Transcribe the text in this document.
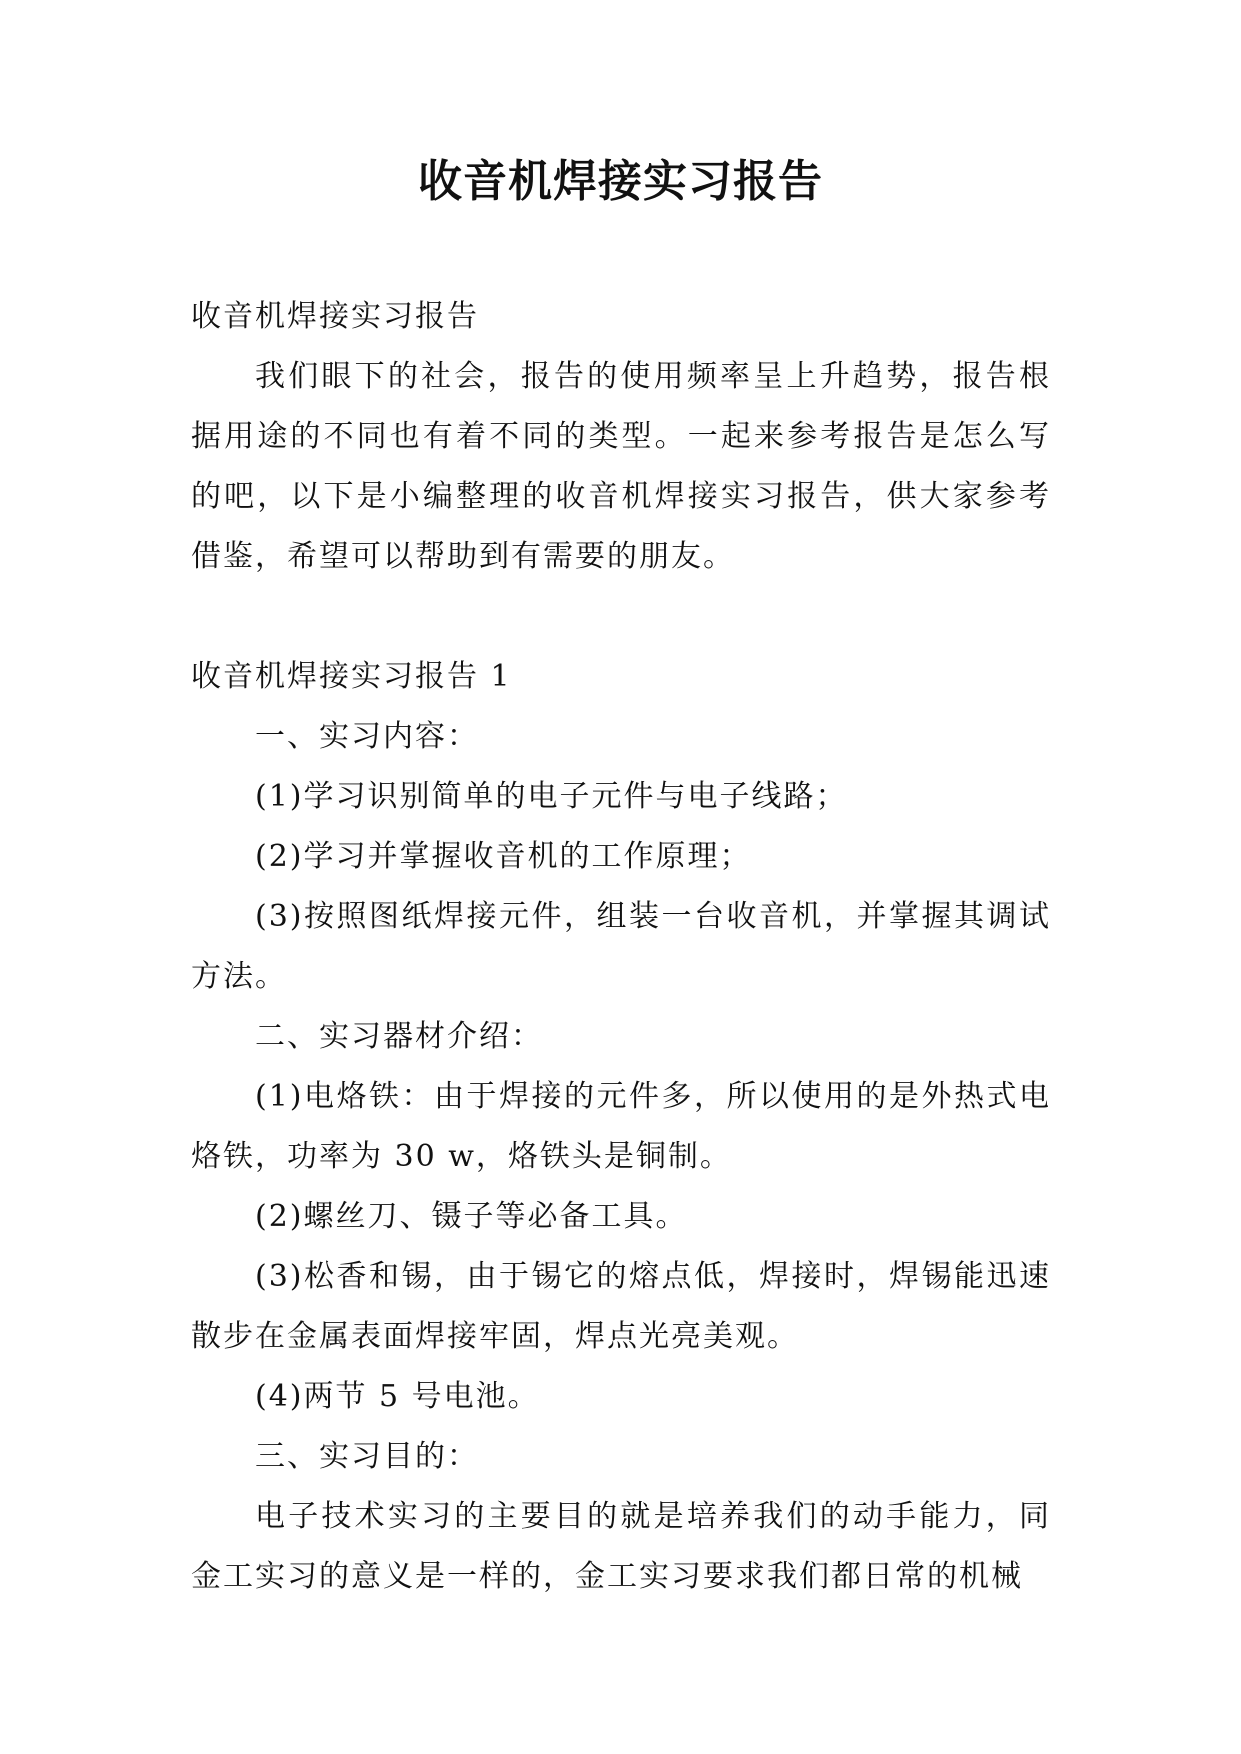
收音机焊接实习报告

收音机焊接实习报告

我们眼下的社会，报告的使用频率呈上升趋势，报告根据用途的不同也有着不同的类型。一起来参考报告是怎么写的吧，以下是小编整理的收音机焊接实习报告，供大家参考借鉴，希望可以帮助到有需要的朋友。

收音机焊接实习报告 1

一、实习内容：

(1)学习识别简单的电子元件与电子线路；

(2)学习并掌握收音机的工作原理；

(3)按照图纸焊接元件，组装一台收音机，并掌握其调试方法。

二、实习器材介绍：

(1)电烙铁：由于焊接的元件多，所以使用的是外热式电烙铁，功率为 30 w，烙铁头是铜制。

(2)螺丝刀、镊子等必备工具。

(3)松香和锡，由于锡它的熔点低，焊接时，焊锡能迅速散步在金属表面焊接牢固，焊点光亮美观。

(4)两节 5 号电池。

三、实习目的：

电子技术实习的主要目的就是培养我们的动手能力，同金工实习的意义是一样的，金工实习要求我们都日常的机械
